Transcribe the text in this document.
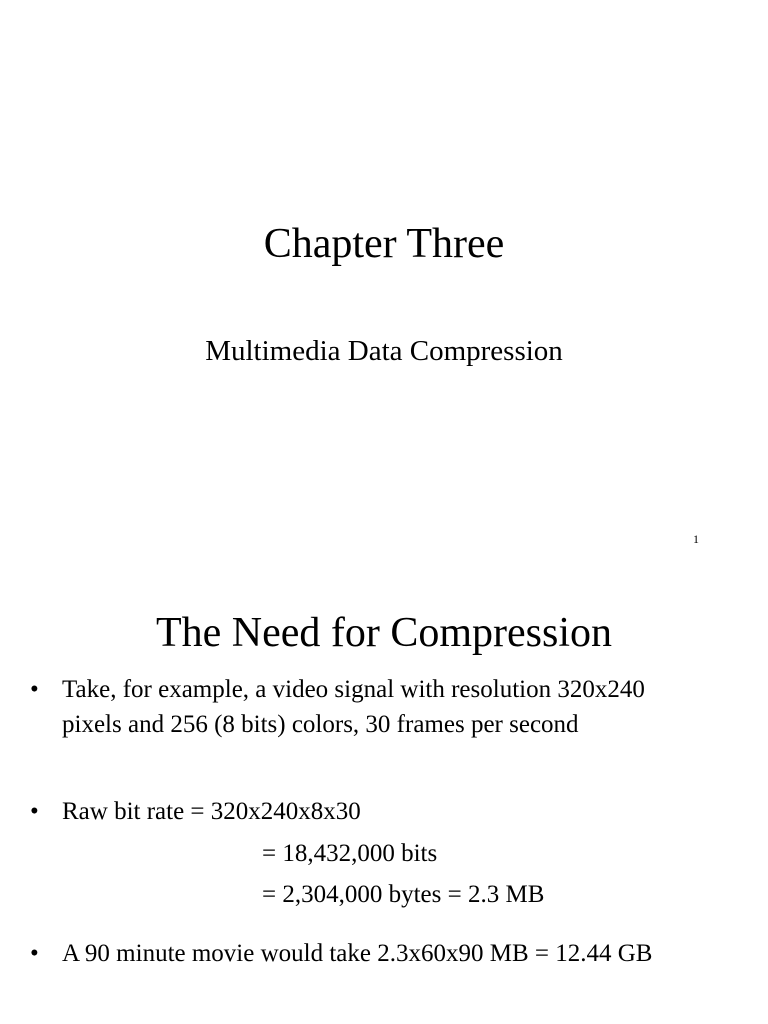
Chapter Three
Multimedia Data Compression
1
The Need for Compression
• Take, for example, a video signal with resolution 320x240 pixels and 256 (8 bits) colors, 30 frames per second
• Raw bit rate = 320x240x8x30
= 18,432,000 bits
= 2,304,000 bytes = 2.3 MB
• A 90 minute movie would take 2.3x60x90 MB = 12.44 GB
